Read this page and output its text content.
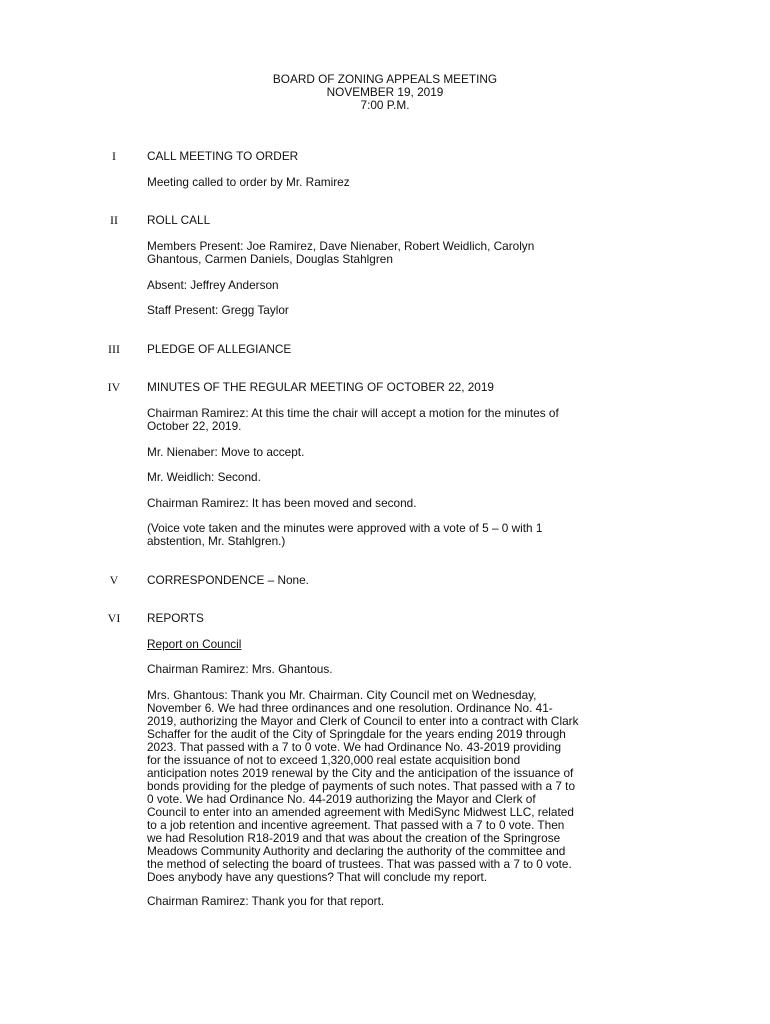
BOARD OF ZONING APPEALS MEETING
NOVEMBER 19, 2019
7:00 P.M.
I	CALL MEETING TO ORDER
Meeting called to order by Mr. Ramirez
II	ROLL CALL
Members Present: Joe Ramirez, Dave Nienaber, Robert Weidlich, Carolyn
Ghantous, Carmen Daniels, Douglas Stahlgren
Absent: Jeffrey Anderson
Staff Present: Gregg Taylor
III	PLEDGE OF ALLEGIANCE
IV	MINUTES OF THE REGULAR MEETING OF OCTOBER 22, 2019
Chairman Ramirez: At this time the chair will accept a motion for the minutes of
October 22, 2019.
Mr. Nienaber: Move to accept.
Mr. Weidlich: Second.
Chairman Ramirez: It has been moved and second.
(Voice vote taken and the minutes were approved with a vote of 5 – 0 with 1
abstention, Mr. Stahlgren.)
V	CORRESPONDENCE – None.
VI	REPORTS
Report on Council
Chairman Ramirez: Mrs. Ghantous.
Mrs. Ghantous: Thank you Mr. Chairman. City Council met on Wednesday,
November 6. We had three ordinances and one resolution. Ordinance No. 41-
2019, authorizing the Mayor and Clerk of Council to enter into a contract with Clark
Schaffer for the audit of the City of Springdale for the years ending 2019 through
2023. That passed with a 7 to 0 vote. We had Ordinance No. 43-2019 providing
for the issuance of not to exceed 1,320,000 real estate acquisition bond
anticipation notes 2019 renewal by the City and the anticipation of the issuance of
bonds providing for the pledge of payments of such notes. That passed with a 7 to
0 vote. We had Ordinance No. 44-2019 authorizing the Mayor and Clerk of
Council to enter into an amended agreement with MediSync Midwest LLC, related
to a job retention and incentive agreement. That passed with a 7 to 0 vote. Then
we had Resolution R18-2019 and that was about the creation of the Springrose
Meadows Community Authority and declaring the authority of the committee and
the method of selecting the board of trustees. That was passed with a 7 to 0 vote.
Does anybody have any questions? That will conclude my report.
Chairman Ramirez: Thank you for that report.
